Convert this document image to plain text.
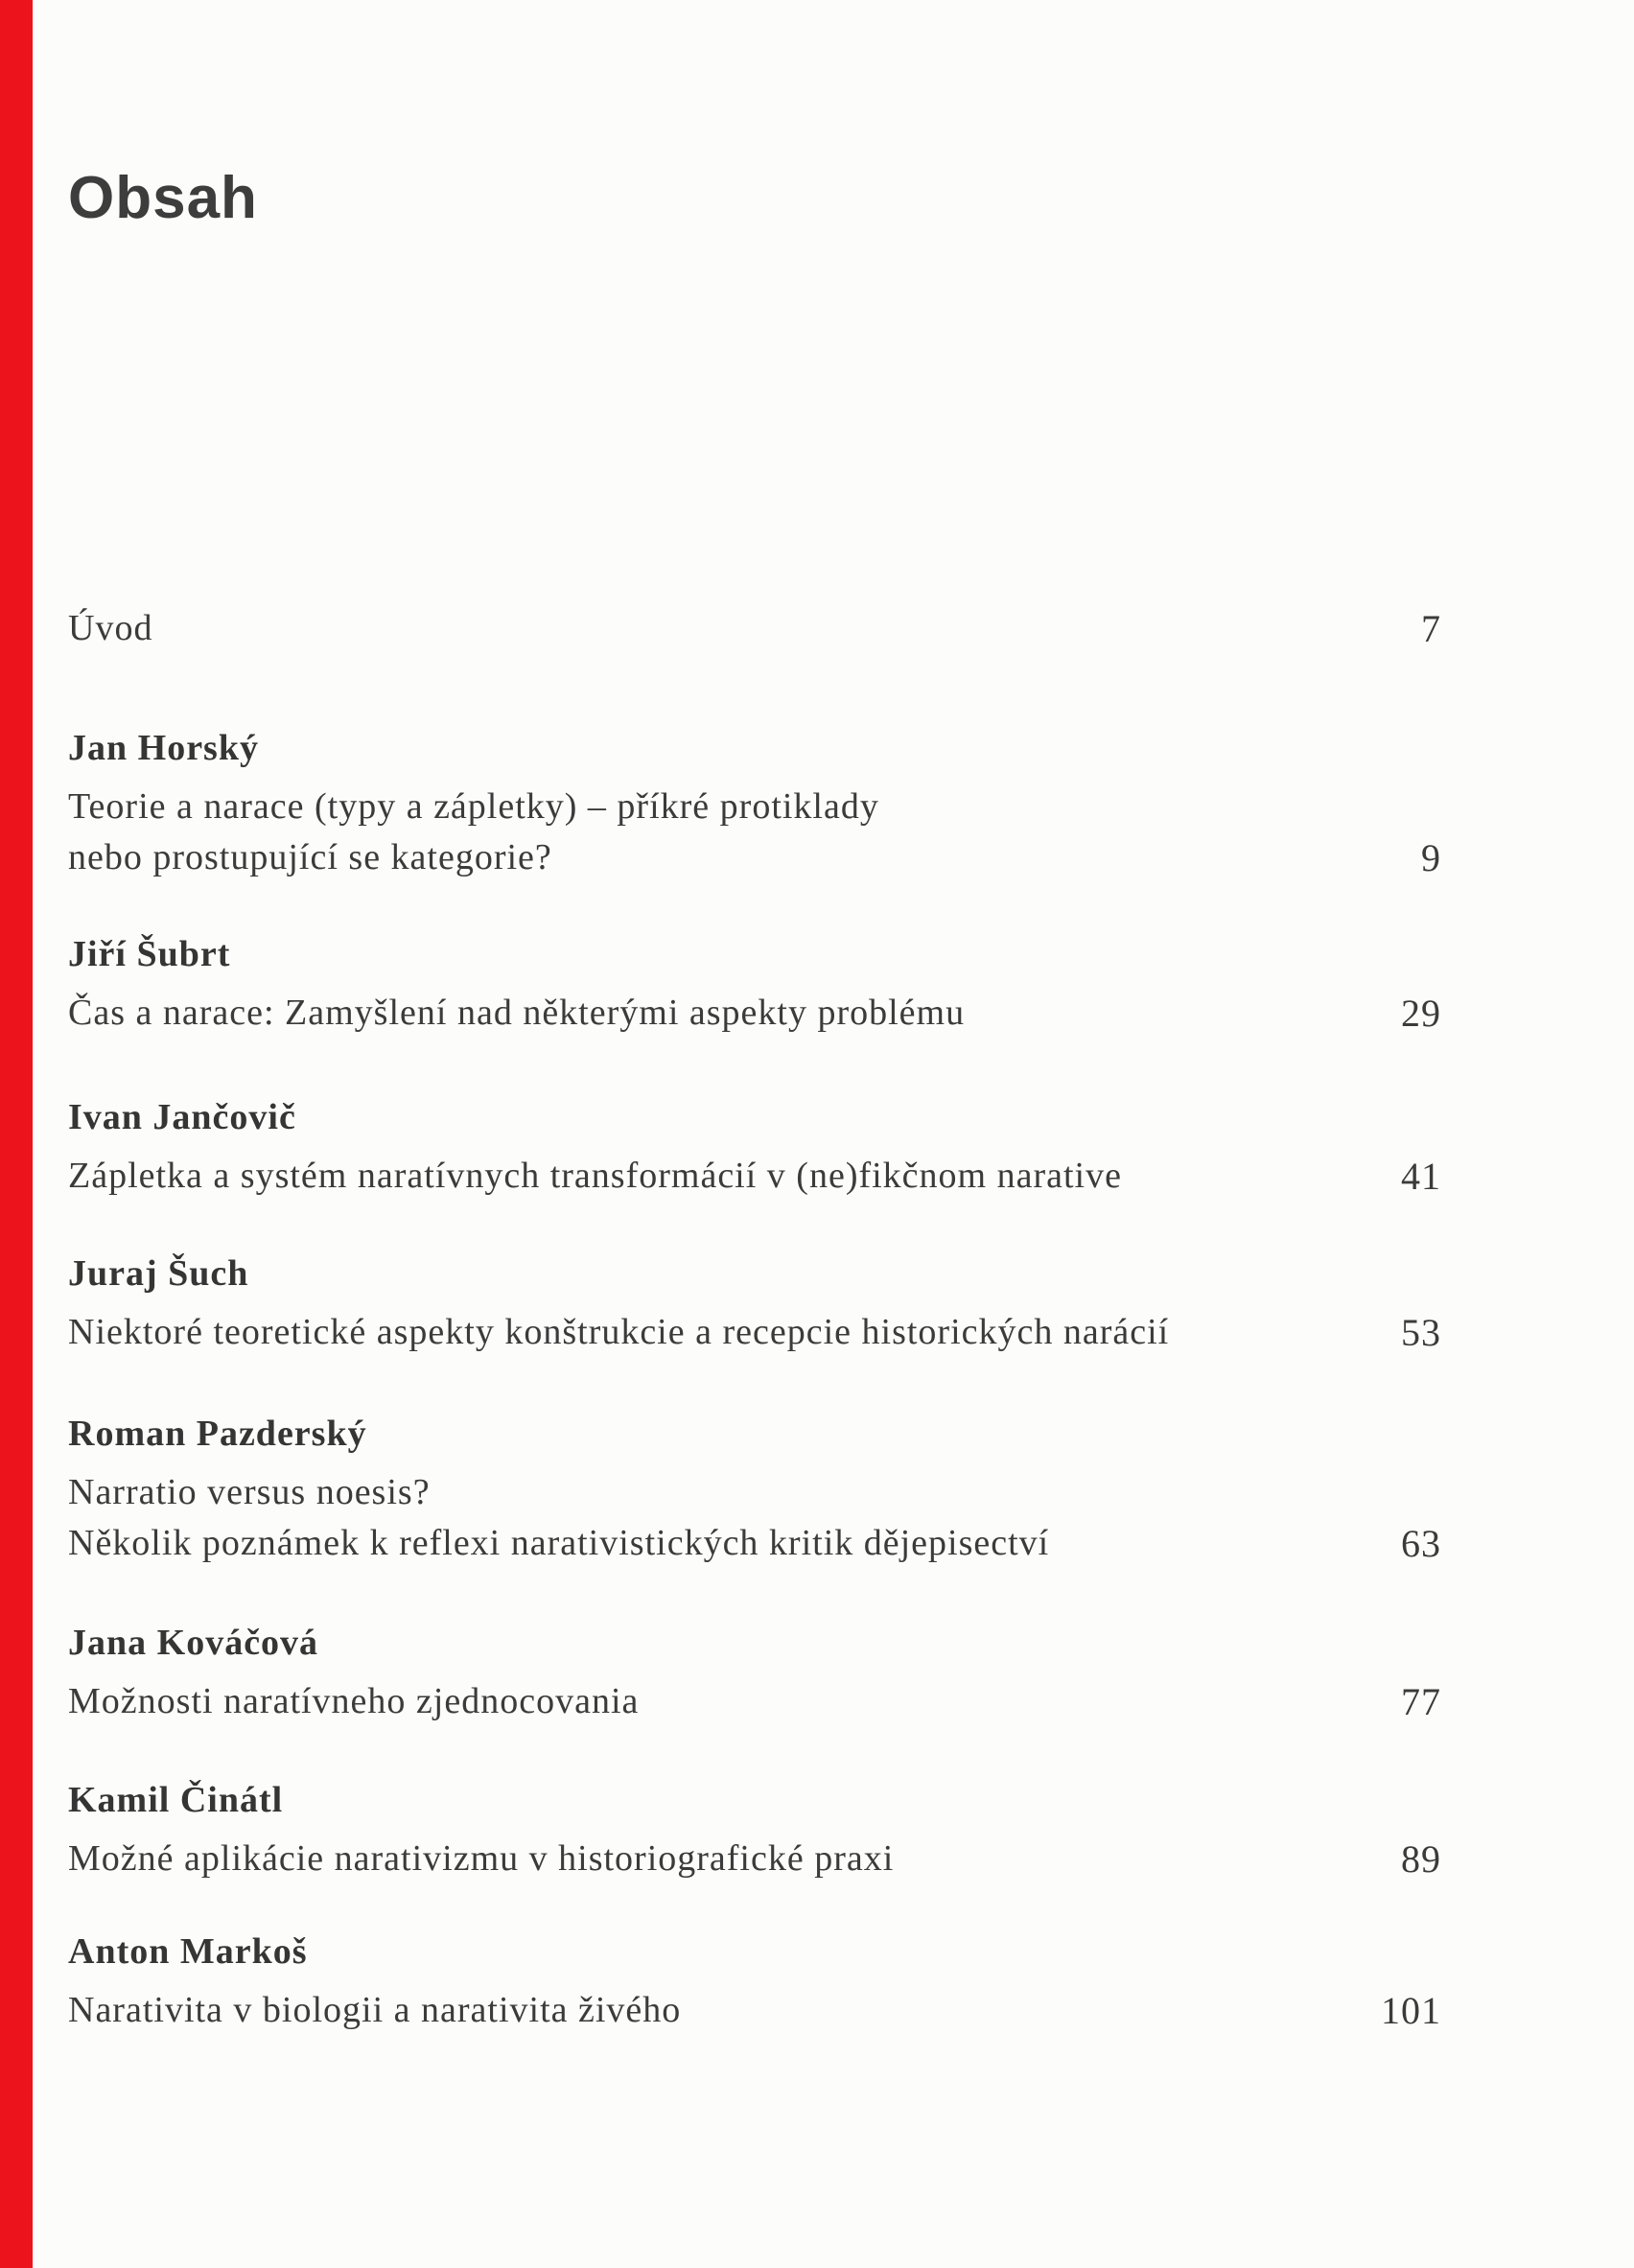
Obsah
Úvod	7
Jan Horský
Teorie a narace (typy a zápletky) – příkré protiklady
nebo prostupující se kategorie?	9
Jiří Šubrt
Čas a narace: Zamyšlení nad některými aspekty problému	29
Ivan Jančovič
Zápletka a systém naratívnych transformácií v (ne)fikčnom narative	41
Juraj Šuch
Niektoré teoretické aspekty konštrukcie a recepcie historických narácií	53
Roman Pazderský
Narratio versus noesis?
Několik poznámek k reflexi narativistických kritik dějepisectví	63
Jana Kováčová
Možnosti naratívneho zjednocovania	77
Kamil Činátl
Možné aplikácie narativizmu v historiografické praxi	89
Anton Markoš
Narativita v biologii a narativita živého	101
